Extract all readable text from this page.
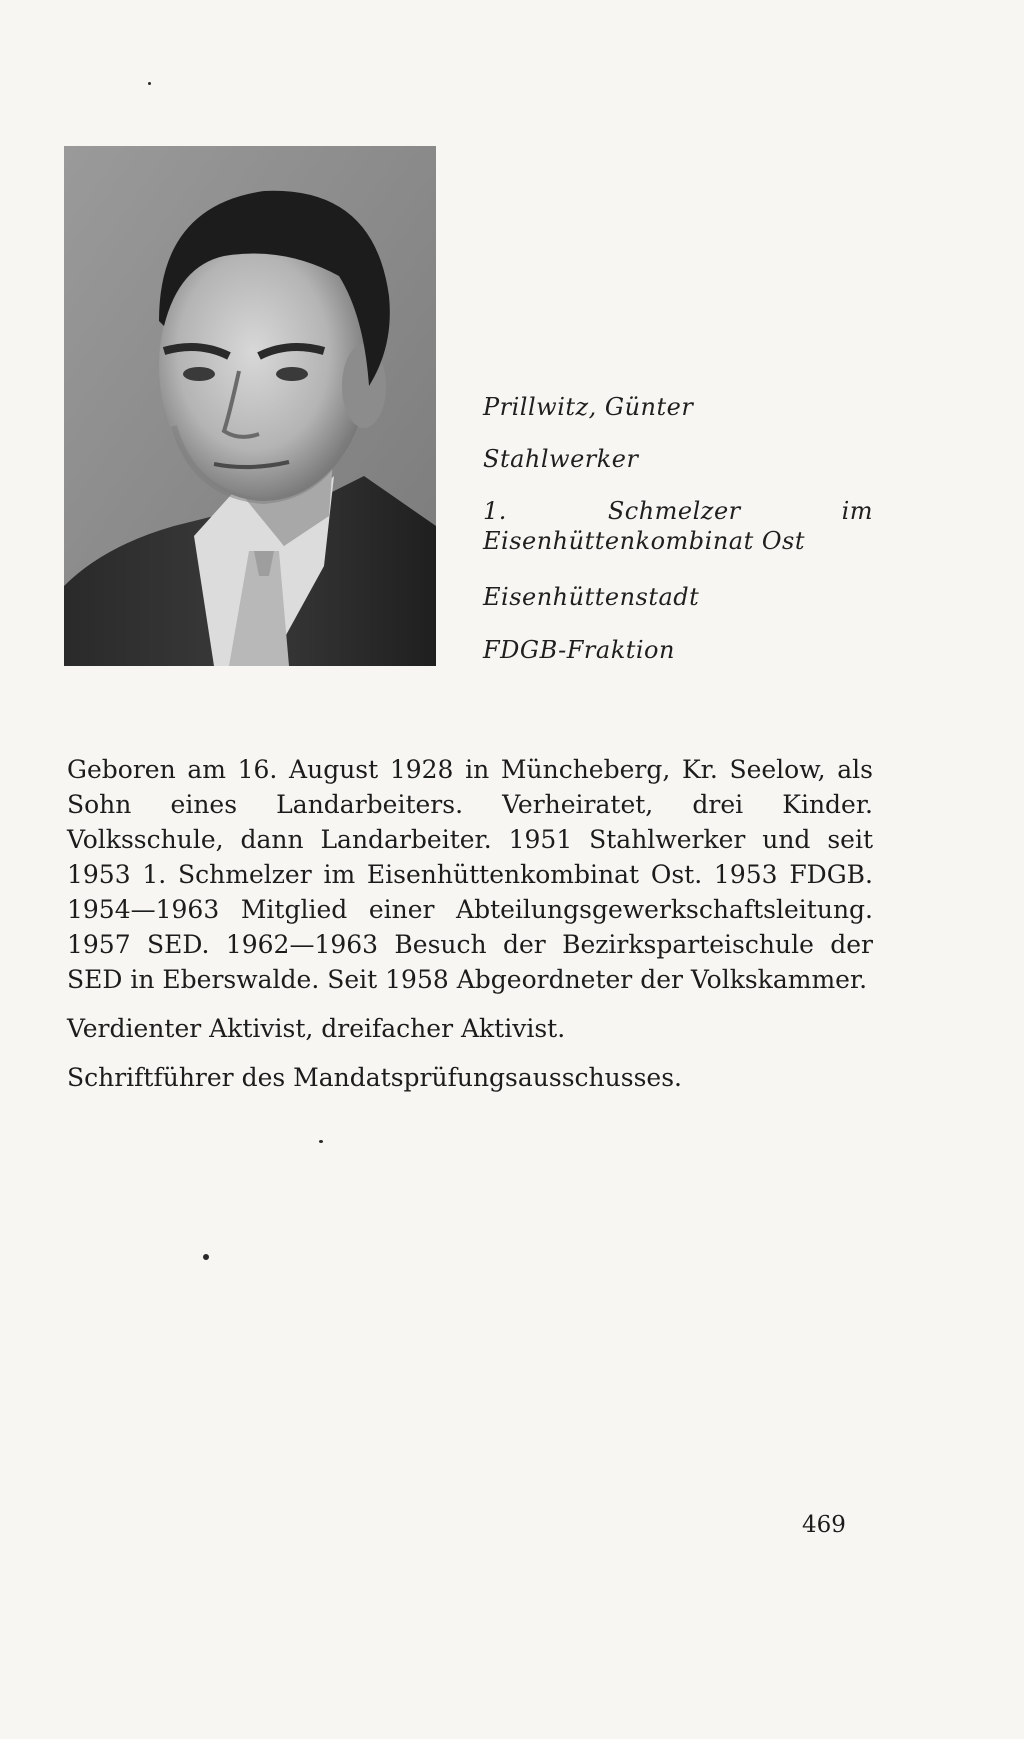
Prillwitz, Günter
Stahlwerker
1. Schmelzer im Eisenhüttenkombinat Ost
Eisenhüttenstadt
FDGB-Fraktion

Geboren am 16. August 1928 in Müncheberg, Kr. Seelow, als Sohn eines Landarbeiters. Verheiratet, drei Kinder. Volksschule, dann Landarbeiter. 1951 Stahlwerker und seit 1953 1. Schmelzer im Eisenhüttenkombinat Ost. 1953 FDGB. 1954—1963 Mitglied einer Abteilungsgewerkschaftsleitung. 1957 SED. 1962—1963 Besuch der Bezirksparteischule der SED in Eberswalde. Seit 1958 Abgeordneter der Volkskammer.

Verdienter Aktivist, dreifacher Aktivist.

Schriftführer des Mandatsprüfungsausschusses.

469
